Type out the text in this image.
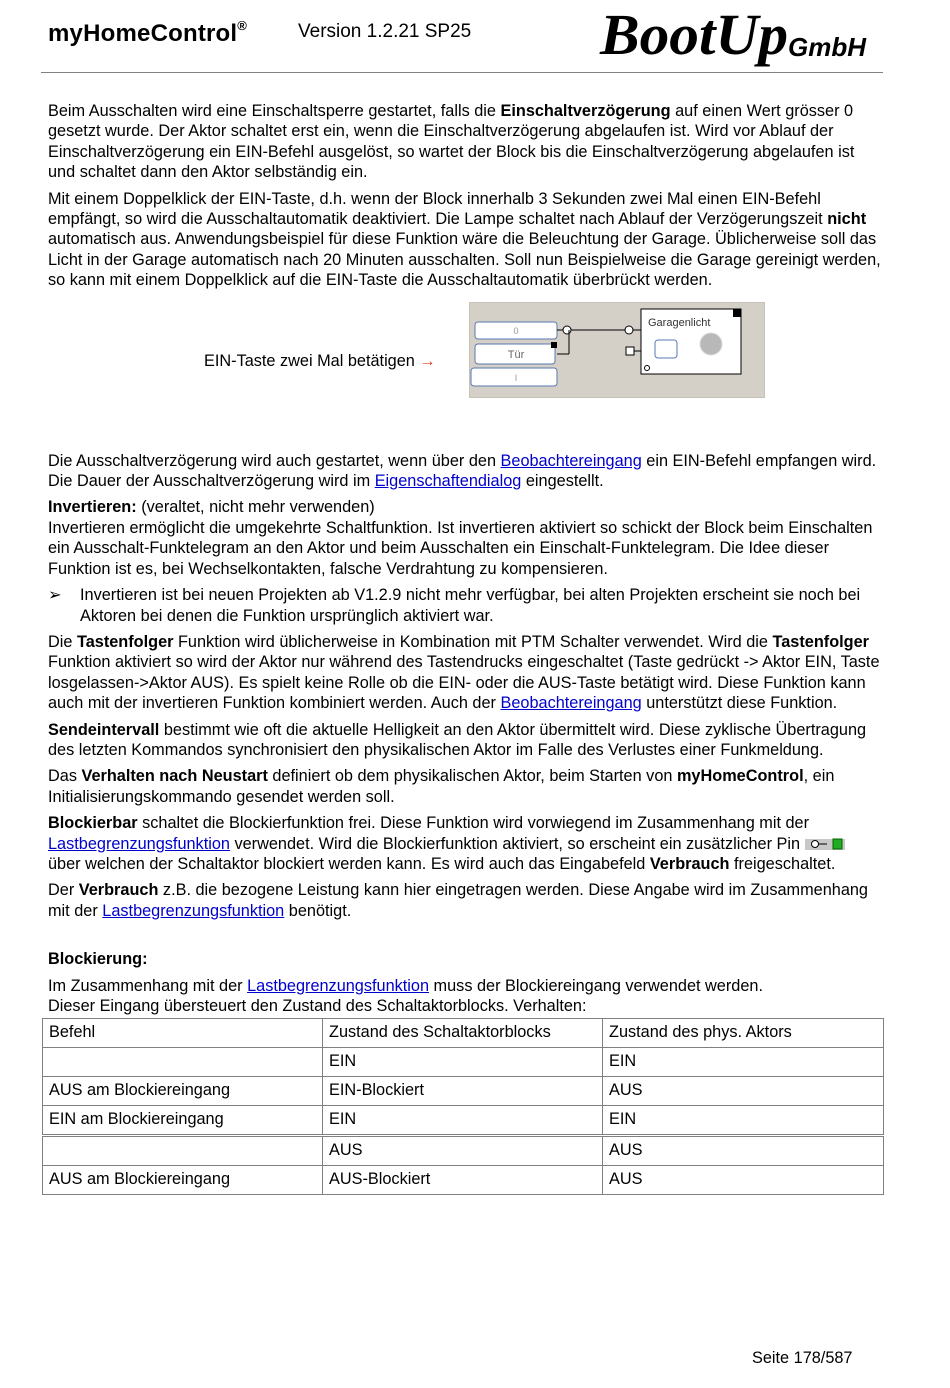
myHomeControl®	Version 1.2.21 SP25 BootUp GmbH

Beim Ausschalten wird eine Einschaltsperre gestartet, falls die Einschaltverzögerung auf einen Wert grösser 0 gesetzt wurde. Der Aktor schaltet erst ein, wenn die Einschaltverzögerung abgelaufen ist. Wird vor Ablauf der Einschaltverzögerung ein EIN-Befehl ausgelöst, so wartet der Block bis die Einschaltverzögerung abgelaufen ist und schaltet dann den Aktor selbständig ein.

Mit einem Doppelklick der EIN-Taste, d.h. wenn der Block innerhalb 3 Sekunden zwei Mal einen EIN-Befehl empfängt, so wird die Ausschaltautomatik deaktiviert. Die Lampe schaltet nach Ablauf der Verzögerungszeit nicht automatisch aus. Anwendungsbeispiel für diese Funktion wäre die Beleuchtung der Garage. Üblicherweise soll das Licht in der Garage automatisch nach 20 Minuten ausschalten. Soll nun Beispielweise die Garage gereinigt werden, so kann mit einem Doppelklick auf die EIN-Taste die Ausschaltautomatik überbrückt werden.

EIN-Taste zwei Mal betätigen →
0
Tür
I
Garagenlicht

Die Ausschaltverzögerung wird auch gestartet, wenn über den Beobachtereingang ein EIN-Befehl empfangen wird.

Die Dauer der Ausschaltverzögerung wird im Eigenschaftendialog eingestellt.

Invertieren: (veraltet, nicht mehr verwenden)
Invertieren ermöglicht die umgekehrte Schaltfunktion. Ist invertieren aktiviert so schickt der Block beim Einschalten ein Ausschalt-Funktelegram an den Aktor und beim Ausschalten ein Einschalt-Funktelegram. Die Idee dieser Funktion ist es, bei Wechselkontakten, falsche Verdrahtung zu kompensieren.

➢	Invertieren ist bei neuen Projekten ab V1.2.9 nicht mehr verfügbar, bei alten Projekten erscheint sie noch bei Aktoren bei denen die Funktion ursprünglich aktiviert war.

Die Tastenfolger Funktion wird üblicherweise in Kombination mit PTM Schalter verwendet. Wird die Tastenfolger Funktion aktiviert so wird der Aktor nur während des Tastendrucks eingeschaltet (Taste gedrückt -> Aktor EIN, Taste losgelassen->Aktor AUS). Es spielt keine Rolle ob die EIN- oder die AUS-Taste betätigt wird. Diese Funktion kann auch mit der invertieren Funktion kombiniert werden. Auch der Beobachtereingang unterstützt diese Funktion.

Sendeintervall bestimmt wie oft die aktuelle Helligkeit an den Aktor übermittelt wird. Diese zyklische Übertragung des letzten Kommandos synchronisiert den physikalischen Aktor im Falle des Verlustes einer Funkmeldung.

Das Verhalten nach Neustart definiert ob dem physikalischen Aktor, beim Starten von myHomeControl, ein Initialisierungskommando gesendet werden soll.

Blockierbar schaltet die Blockierfunktion frei. Diese Funktion wird vorwiegend im Zusammenhang mit der Lastbegrenzungsfunktion verwendet. Wird die Blockierfunktion aktiviert, so erscheint ein zusätzlicher Pin über welchen der Schaltaktor blockiert werden kann. Es wird auch das Eingabefeld Verbrauch freigeschaltet.

Der Verbrauch z.B. die bezogene Leistung kann hier eingetragen werden. Diese Angabe wird im Zusammenhang mit der Lastbegrenzungsfunktion benötigt.

Blockierung:

Im Zusammenhang mit der Lastbegrenzungsfunktion muss der Blockiereingang verwendet werden.
Dieser Eingang übersteuert den Zustand des Schaltaktorblocks. Verhalten:

Befehl	Zustand des Schaltaktorblocks	Zustand des phys. Aktors
	EIN	EIN
AUS am Blockiereingang	EIN-Blockiert	AUS
EIN am Blockiereingang	EIN	EIN
	AUS	AUS
AUS am Blockiereingang	AUS-Blockiert	AUS
Seite 178/587
